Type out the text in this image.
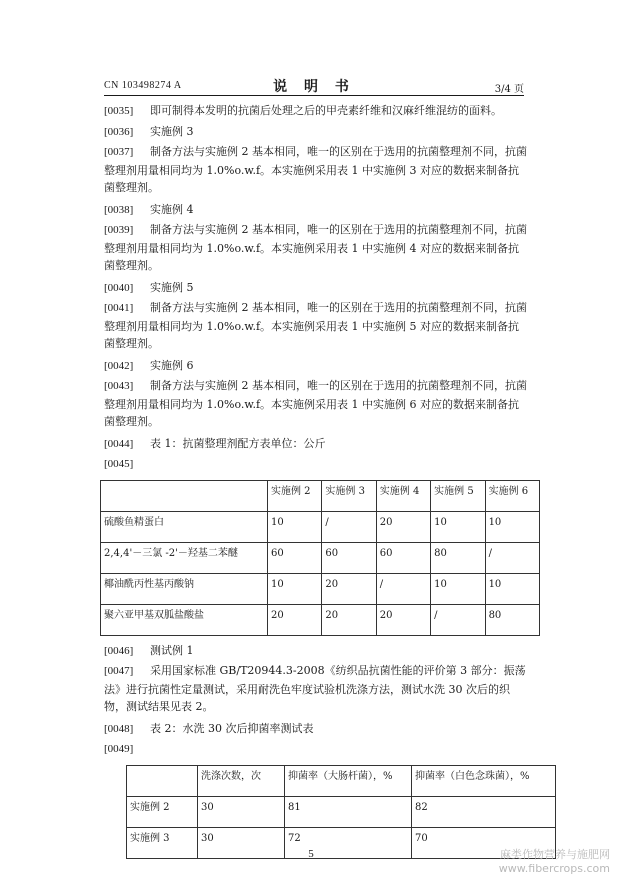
CN 103498274 A	说 明 书	3/4 页

[0035] 即可制得本发明的抗菌后处理之后的甲壳素纤维和汉麻纤维混纺的面料。

[0036] 实施例 3

[0037] 制备方法与实施例 2 基本相同，唯一的区别在于选用的抗菌整理剂不同，抗菌整理剂用量相同均为 1.0%o.w.f。本实施例采用表 1 中实施例 3 对应的数据来制备抗菌整理剂。

[0038] 实施例 4

[0039] 制备方法与实施例 2 基本相同，唯一的区别在于选用的抗菌整理剂不同，抗菌整理剂用量相同均为 1.0%o.w.f。本实施例采用表 1 中实施例 4 对应的数据来制备抗菌整理剂。

[0040] 实施例 5

[0041] 制备方法与实施例 2 基本相同，唯一的区别在于选用的抗菌整理剂不同，抗菌整理剂用量相同均为 1.0%o.w.f。本实施例采用表 1 中实施例 5 对应的数据来制备抗菌整理剂。

[0042] 实施例 6

[0043] 制备方法与实施例 2 基本相同，唯一的区别在于选用的抗菌整理剂不同，抗菌整理剂用量相同均为 1.0%o.w.f。本实施例采用表 1 中实施例 6 对应的数据来制备抗菌整理剂。

[0044] 表 1：抗菌整理剂配方表单位：公斤

[0045]

	实施例 2	实施例 3	实施例 4	实施例 5	实施例 6
硫酸鱼精蛋白	10	/	20	10	10
2,4,4'－三氯 -2'－羟基二苯醚	60	60	60	80	/
椰油酰丙性基丙酸钠	10	20	/	10	10
聚六亚甲基双胍盐酸盐	20	20	20	/	80

[0046] 测试例 1

[0047] 采用国家标准 GB/T20944.3-2008《纺织品抗菌性能的评价第 3 部分：振荡法》进行抗菌性定量测试，采用耐洗色牢度试验机洗涤方法，测试水洗 30 次后的织物，测试结果见表 2。

[0048] 表 2：水洗 30 次后抑菌率测试表

[0049]

	洗涤次数，次	抑菌率（大肠杆菌），%	抑菌率（白色念珠菌），%
实施例 2	30	81	82
实施例 3	30	72	70
5	麻类作物营养与施肥网
www.fibercrops.com
